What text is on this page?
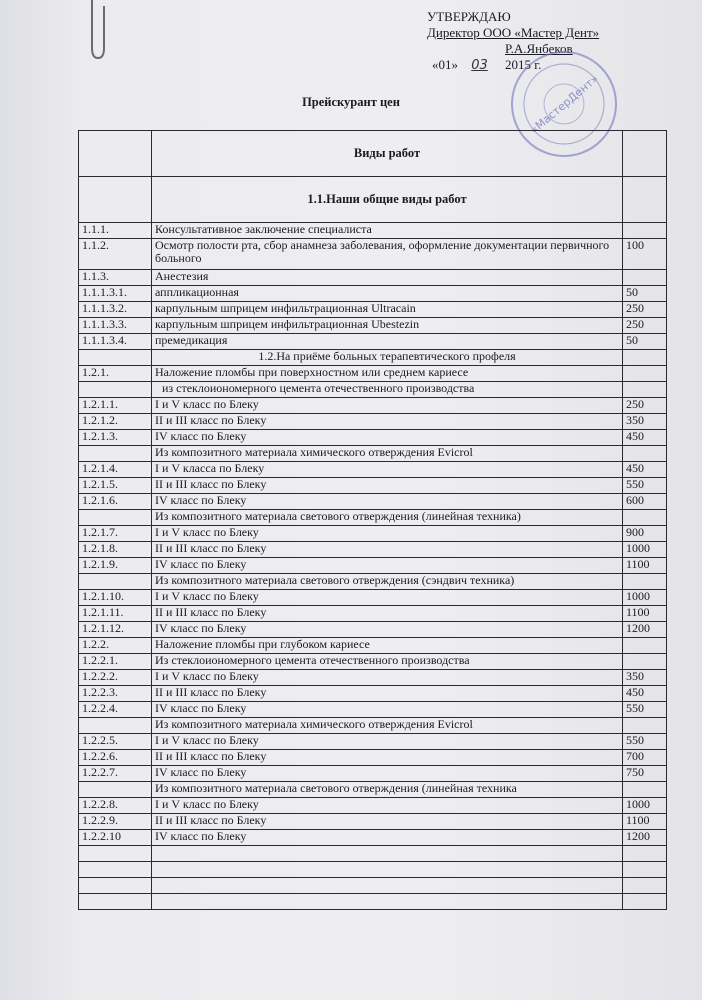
УТВЕРЖДАЮ
Директор ООО «Мастер Дент»
Р.А.Янбеков
«01» 03 2015 г.
«МастерДент»
Прейскурант цен
	Виды работ	
	1.1.Наши общие виды работ	
1.1.1.	Консультативное заключение специалиста	
1.1.2.	Осмотр полости рта, сбор анамнеза заболевания, оформление документации первичного больного	100
1.1.3.	Анестезия	
1.1.1.3.1.	аппликационная	50
1.1.1.3.2.	карпульным шприцем инфильтрационная Ultracain	250
1.1.1.3.3.	карпульным шприцем инфильтрационная Ubestezin	250
1.1.1.3.4.	премедикация	50
	1.2.На приёме больных терапевтического профеля	
1.2.1.	Наложение пломбы при поверхностном или среднем кариесе	
	из стеклоиономерного цемента отечественного производства	
1.2.1.1.	I и V класс по Блеку	250
1.2.1.2.	II и III класс по Блеку	350
1.2.1.3.	IV класс по Блеку	450
	Из композитного материала химического отверждения Evicrol	
1.2.1.4.	I и V класса по Блеку	450
1.2.1.5.	II и III класс по Блеку	550
1.2.1.6.	IV класс по Блеку	600
	Из композитного материала светового отверждения (линейная техника)	
1.2.1.7.	I и V класс по Блеку	900
1.2.1.8.	II и III класс по Блеку	1000
1.2.1.9.	IV класс по Блеку	1100
	Из композитного материала светового отверждения (сэндвич техника)	
1.2.1.10.	I и V класс по Блеку	1000
1.2.1.11.	II и III класс по Блеку	1100
1.2.1.12.	IV класс по Блеку	1200
1.2.2.	Наложение пломбы при глубоком кариесе	
1.2.2.1.	Из стеклоиономерного цемента отечественного производства	
1.2.2.2.	I и V класс по Блеку	350
1.2.2.3.	II и III класс по Блеку	450
1.2.2.4.	IV класс по Блеку	550
	Из композитного материала химического отверждения Evicrol	
1.2.2.5.	I и V класс по Блеку	550
1.2.2.6.	II и III класс по Блеку	700
1.2.2.7.	IV класс по Блеку	750
	Из композитного материала светового отверждения (линейная техника	
1.2.2.8.	I и V класс по Блеку	1000
1.2.2.9.	II и III класс по Блеку	1100
1.2.2.10	IV класс по Блеку	1200
